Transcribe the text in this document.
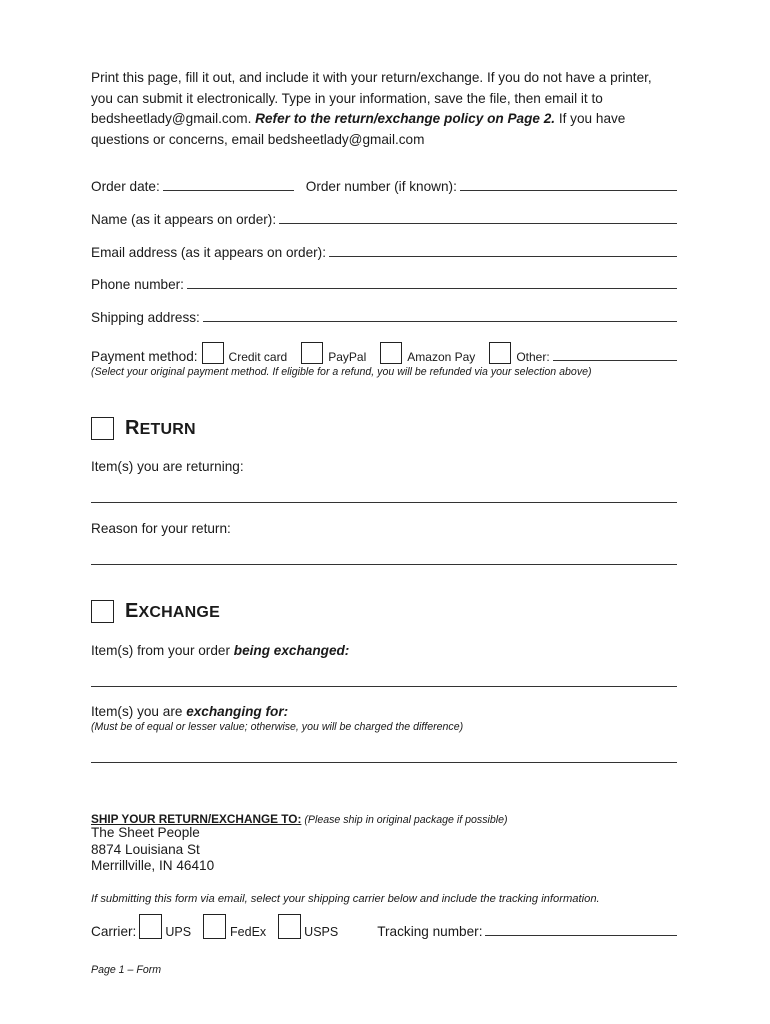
Print this page, fill it out, and include it with your return/exchange. If you do not have a printer, you can submit it electronically. Type in your information, save the file, then email it to bedsheetlady@gmail.com. Refer to the return/exchange policy on Page 2. If you have questions or concerns, email bedsheetlady@gmail.com

Order date:	Order number (if known):
Name (as it appears on order):
Email address (as it appears on order):
Phone number:
Shipping address:
Payment method:	Credit card	PayPal	Amazon Pay	Other:
(Select your original payment method. If eligible for a refund, you will be refunded via your selection above)
RETURN
Item(s) you are returning:
Reason for your return:
EXCHANGE
Item(s) from your order being exchanged:
Item(s) you are exchanging for:
(Must be of equal or lesser value; otherwise, you will be charged the difference)
SHIP YOUR RETURN/EXCHANGE TO: (Please ship in original package if possible)
The Sheet People
8874 Louisiana St
Merrillville, IN 46410
If submitting this form via email, select your shipping carrier below and include the tracking information.
Carrier: UPS	FedEx	USPS	Tracking number:
Page 1 – Form
